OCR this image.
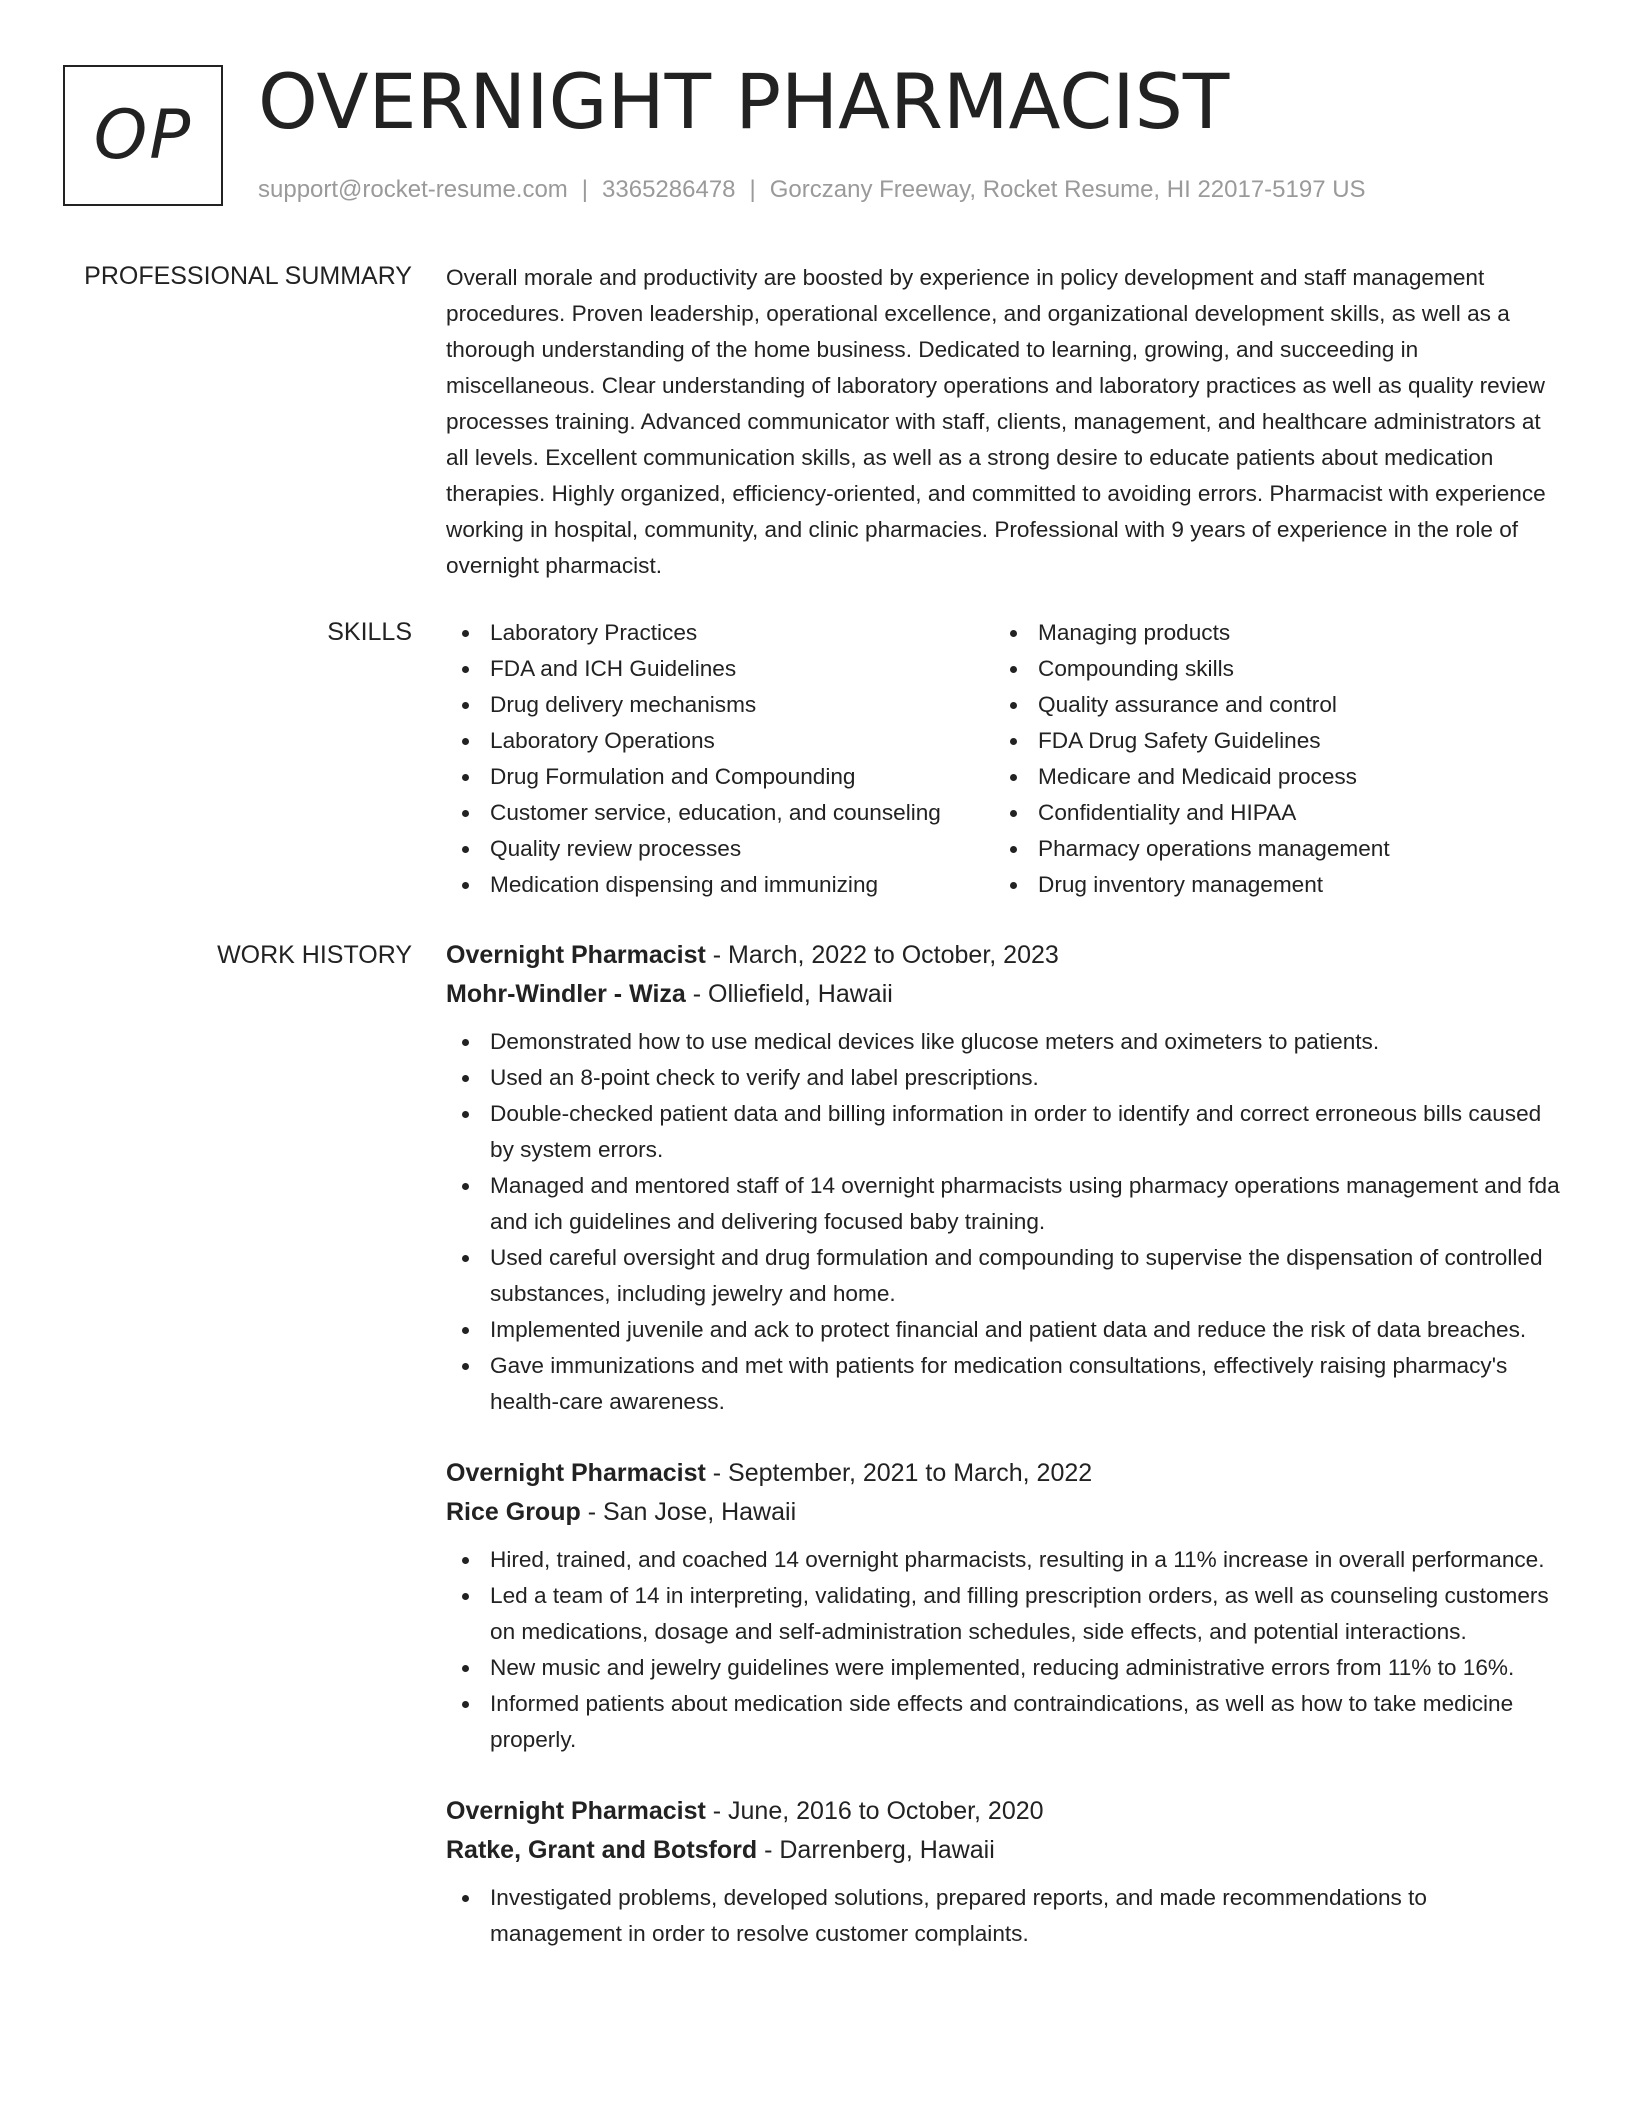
OP OVERNIGHT PHARMACIST
support@rocket-resume.com | 3365286478 | Gorczany Freeway, Rocket Resume, HI 22017-5197 US
PROFESSIONAL SUMMARY Overall morale and productivity are boosted by experience in policy development and staff management procedures. Proven leadership, operational excellence, and organizational development skills, as well as a thorough understanding of the home business. Dedicated to learning, growing, and succeeding in miscellaneous. Clear understanding of laboratory operations and laboratory practices as well as quality review processes training. Advanced communicator with staff, clients, management, and healthcare administrators at all levels. Excellent communication skills, as well as a strong desire to educate patients about medication therapies. Highly organized, efficiency-oriented, and committed to avoiding errors. Pharmacist with experience working in hospital, community, and clinic pharmacies. Professional with 9 years of experience in the role of overnight pharmacist.

SKILLS	Laboratory Practices
FDA and ICH Guidelines
Drug delivery mechanisms
Laboratory Operations
Drug Formulation and Compounding
Customer service, education, and counseling
Quality review processes
Medication dispensing and immunizing
Managing products
Compounding skills
Quality assurance and control
FDA Drug Safety Guidelines
Medicare and Medicaid process
Confidentiality and HIPAA
Pharmacy operations management
Drug inventory management
WORK HISTORY Overnight Pharmacist - March, 2022 to October, 2023
Mohr-Windler - Wiza - Olliefield, Hawaii
Demonstrated how to use medical devices like glucose meters and oximeters to patients.
Used an 8-point check to verify and label prescriptions.
Double-checked patient data and billing information in order to identify and correct erroneous bills caused by system errors.
Managed and mentored staff of 14 overnight pharmacists using pharmacy operations management and fda and ich guidelines and delivering focused baby training.
Used careful oversight and drug formulation and compounding to supervise the dispensation of controlled substances, including jewelry and home.
Implemented juvenile and ack to protect financial and patient data and reduce the risk of data breaches.
Gave immunizations and met with patients for medication consultations, effectively raising pharmacy's health-care awareness.
Overnight Pharmacist - September, 2021 to March, 2022
Rice Group - San Jose, Hawaii
Hired, trained, and coached 14 overnight pharmacists, resulting in a 11% increase in overall performance.
Led a team of 14 in interpreting, validating, and filling prescription orders, as well as counseling customers on medications, dosage and self-administration schedules, side effects, and potential interactions.
New music and jewelry guidelines were implemented, reducing administrative errors from 11% to 16%.
Informed patients about medication side effects and contraindications, as well as how to take medicine properly.
Overnight Pharmacist - June, 2016 to October, 2020
Ratke, Grant and Botsford - Darrenberg, Hawaii
Investigated problems, developed solutions, prepared reports, and made recommendations to management in order to resolve customer complaints.
